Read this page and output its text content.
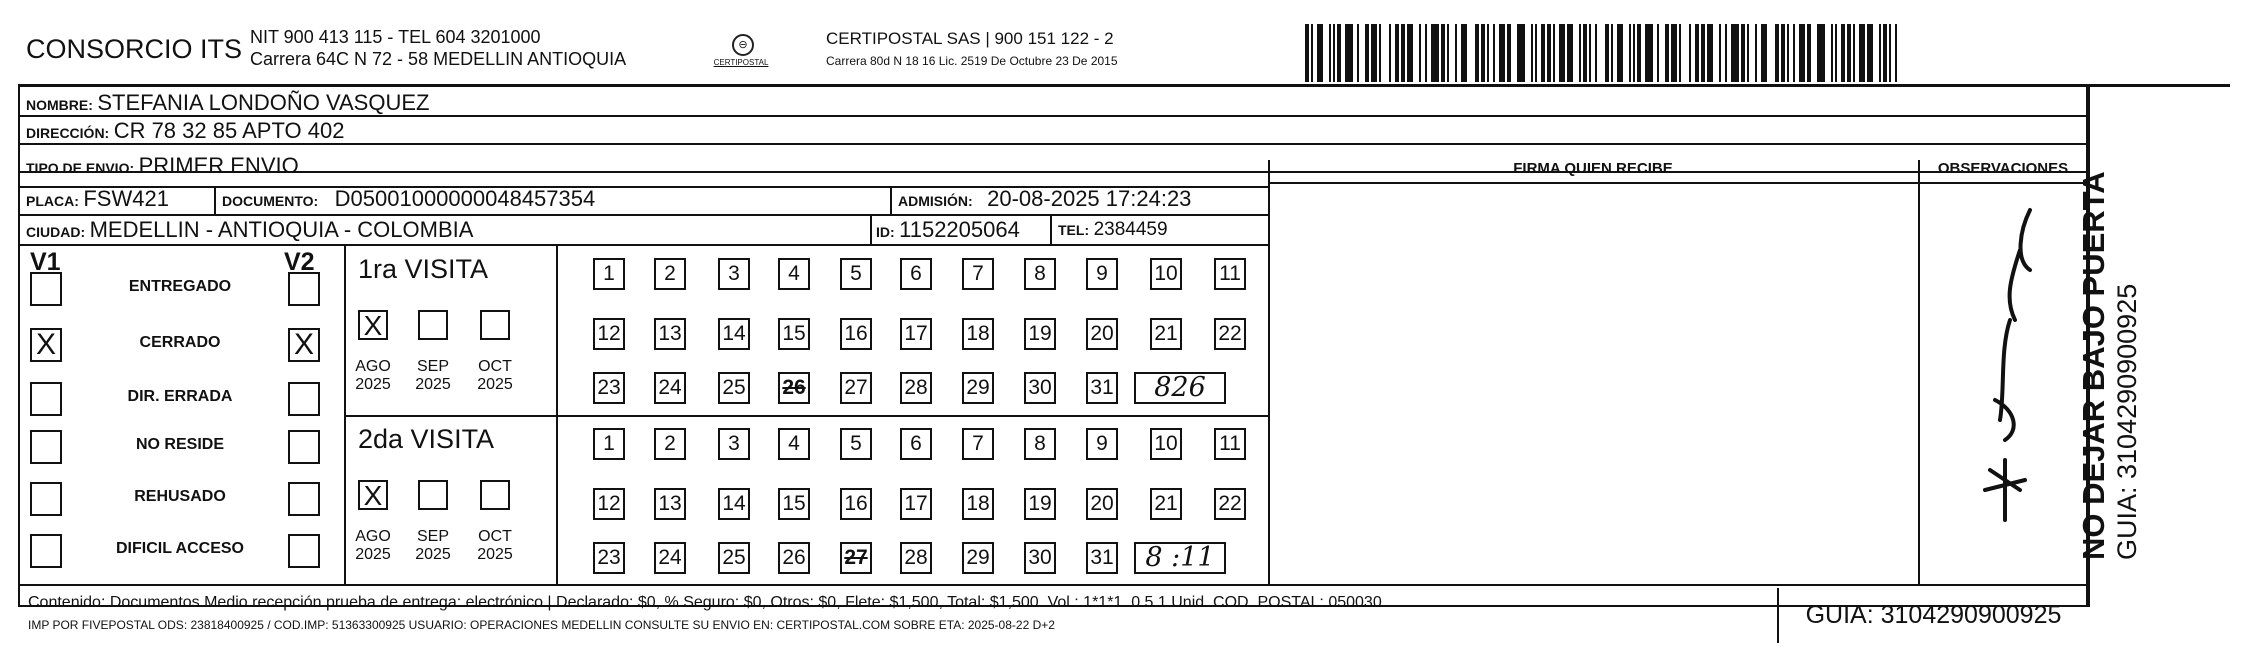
CONSORCIO ITS NIT 900 413 115 - TEL 604 3201000
Carrera 64C N 72 - 58 MEDELLIN ANTIOQUIA
⊖
CERTIPOSTAL
CERTIPOSTAL SAS | 900 151 122 - 2
Carrera 80d N 18 16 Lic. 2519 De Octubre 23 De 2015
NOMBRE: STEFANIA LONDOÑO VASQUEZ
DIRECCIÓN: CR 78 32 85 APTO 402
TIPO DE ENVIO: PRIMER ENVIO	FIRMA QUIEN RECIBE	OBSERVACIONES
PLACA: FSW421	DOCUMENTO: D05001000000048457354	ADMISIÓN: 20-08-2025 17:24:23
CIUDAD: MEDELLIN - ANTIOQUIA - COLOMBIA	ID: 1152205064	TEL: 2384459
V1	V2
ENTREGADO
X	CERRADO	X
DIR. ERRADA
NO RESIDE
REHUSADO
DIFICIL ACCESO
1ra VISITA
X
AGO
2025
SEP
2025
OCT
2025
1	2	3	4	5	6	7	8	9	10 11
12 13 14 15 16 17 18 19 20 21 22
23 24 25 26 27 28 29 30 31	826
2da VISITA
X
AGO
2025
SEP
2025
OCT
2025
1	2	3	4	5	6	7	8	9	10 11
12 13 14 15 16 17 18 19 20 21 22
23 24 25 26 27 28 29 30 31	8 :11
Contenido: Documentos Medio recepción prueba de entrega: electrónico | Declarado: $0, % Seguro: $0, Otros: $0, Flete: $1,500, Total: $1,500. Vol.: 1*1*1. 0.5 1 Unid. COD. POSTAL: 050030
IMP POR FIVEPOSTAL ODS: 23818400925 / COD.IMP: 51363300925 USUARIO: OPERACIONES MEDELLIN CONSULTE SU ENVIO EN: CERTIPOSTAL.COM SOBRE ETA: 2025-08-22 D+2	GUIA: 3104290900925
NO DEJAR BAJO PUERTA GUIA: 3104290900925
